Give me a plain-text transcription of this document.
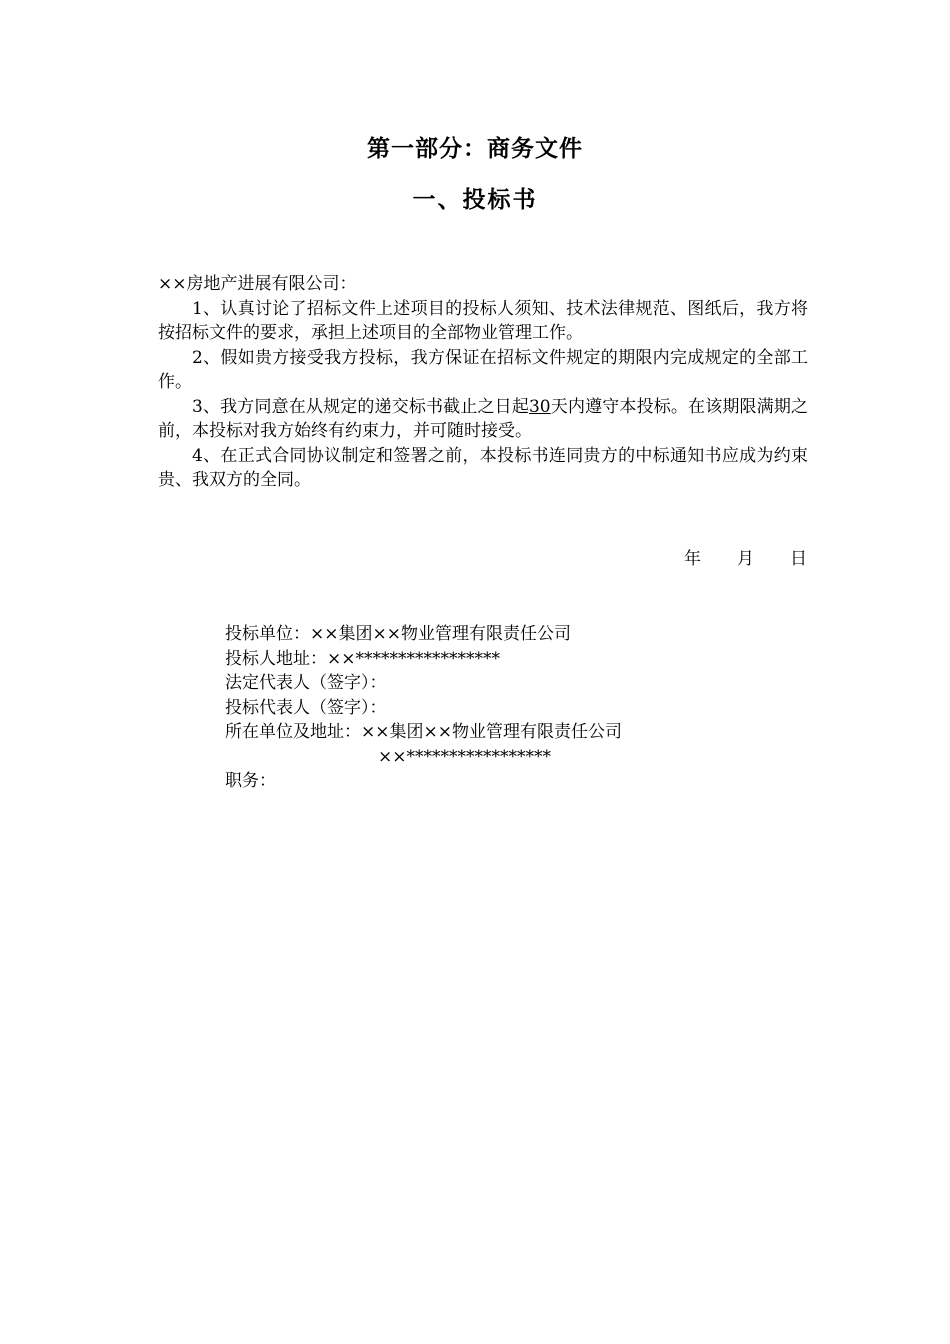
第一部分：商务文件
一、投标书

××房地产进展有限公司：

1、认真讨论了招标文件上述项目的投标人须知、技术法律规范、图纸后，我方将按招标文件的要求，承担上述项目的全部物业管理工作。

2、假如贵方接受我方投标，我方保证在招标文件规定的期限内完成规定的全部工作。

3、我方同意在从规定的递交标书截止之日起30天内遵守本投标。在该期限满期之前，本投标对我方始终有约束力，并可随时接受。

4、在正式合同协议制定和签署之前，本投标书连同贵方的中标通知书应成为约束贵、我双方的全同。

年 月 日
投标单位：××集团××物业管理有限责任公司
投标人地址：××*****************
法定代表人（签字）：
投标代表人（签字）：
所在单位及地址：××集团××物业管理有限责任公司
××*****************
职务：
